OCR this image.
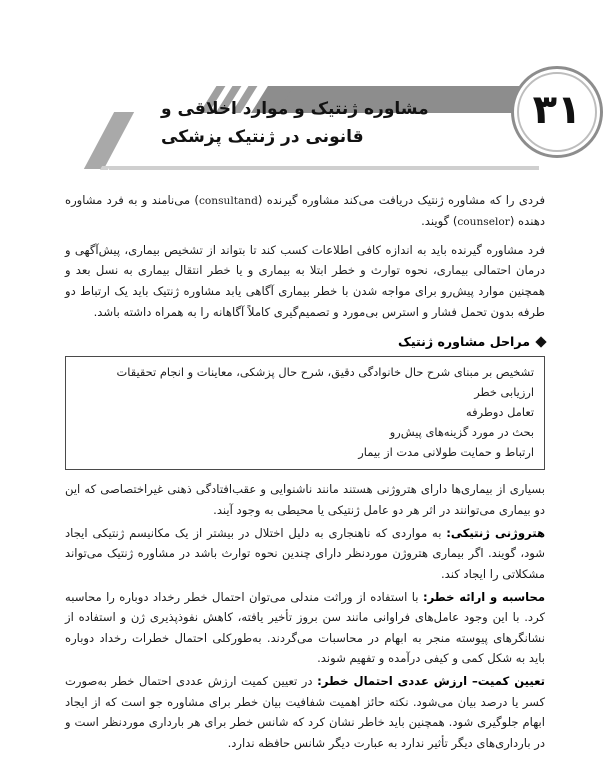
مشاوره ژنتیک و موارد اخلاقی و
قانونی در ژنتیک پزشکی
۳۱

فردی را که مشاوره ژنتیک دریافت می‌کند مشاوره گیرنده (consultand) می‌نامند و به فرد مشاوره دهنده (counselor) گویند.

فرد مشاوره گیرنده باید به اندازه کافی اطلاعات کسب کند تا بتواند از تشخیص بیماری، پیش‌آگهی و درمان احتمالی بیماری، نحوه توارث و خطر ابتلا به بیماری و یا خطر انتقال بیماری به نسل بعد و همچنین موارد پیش‌رو برای مواجه شدن با خطر بیماری آگاهی یابد مشاوره ژنتیک باید یک ارتباط دو طرفه بدون تحمل فشار و استرس بی‌مورد و تصمیم‌گیری کاملاً آگاهانه را به همراه داشته باشد.

مراحل مشاوره ژنتیک
تشخیص بر مبنای شرح حال خانوادگی دقیق، شرح حال پزشکی، معاینات و انجام تحقیقات
ارزیابی خطر
تعامل دوطرفه
بحث در مورد گزینه‌های پیش‌رو
ارتباط و حمایت طولانی مدت از بیمار

بسیاری از بیماری‌ها دارای هتروژنی هستند مانند ناشنوایی و عقب‌افتادگی ذهنی غیراختصاصی که این دو بیماری می‌توانند در اثر هر دو عامل ژنتیکی یا محیطی به وجود آیند.

هتروژنی ژنتیکی: به مواردی که ناهنجاری به دلیل اختلال در بیشتر از یک مکانیسم ژنتیکی ایجاد شود، گویند. اگر بیماری هتروژن موردنظر دارای چندین نحوه توارث باشد در مشاوره ژنتیک می‌تواند مشکلاتی را ایجاد کند.

محاسبه و ارائه خطر: با استفاده از وراثت مندلی می‌توان احتمال خطر رخداد دوباره را محاسبه کرد. با این وجود عامل‌های فراوانی مانند سن بروز تأخیر یافته، کاهش نفوذپذیری ژن و استفاده از نشانگرهای پیوسته منجر به ابهام در محاسبات می‌گردند. به‌طورکلی احتمال خطرات رخداد دوباره باید به شکل کمی و کیفی درآمده و تفهیم شوند.

تعیین کمیت– ارزش عددی احتمال خطر: در تعیین کمیت ارزش عددی احتمال خطر به‌صورت کسر یا درصد بیان می‌شود. نکته حائز اهمیت شفافیت بیان خطر برای مشاوره جو است که از ایجاد ابهام جلوگیری شود. همچنین باید خاطر نشان کرد که شانس خطر برای هر بارداری موردنظر است و در بارداری‌های دیگر تأثیر ندارد به عبارت دیگر شانس حافظه ندارد.
